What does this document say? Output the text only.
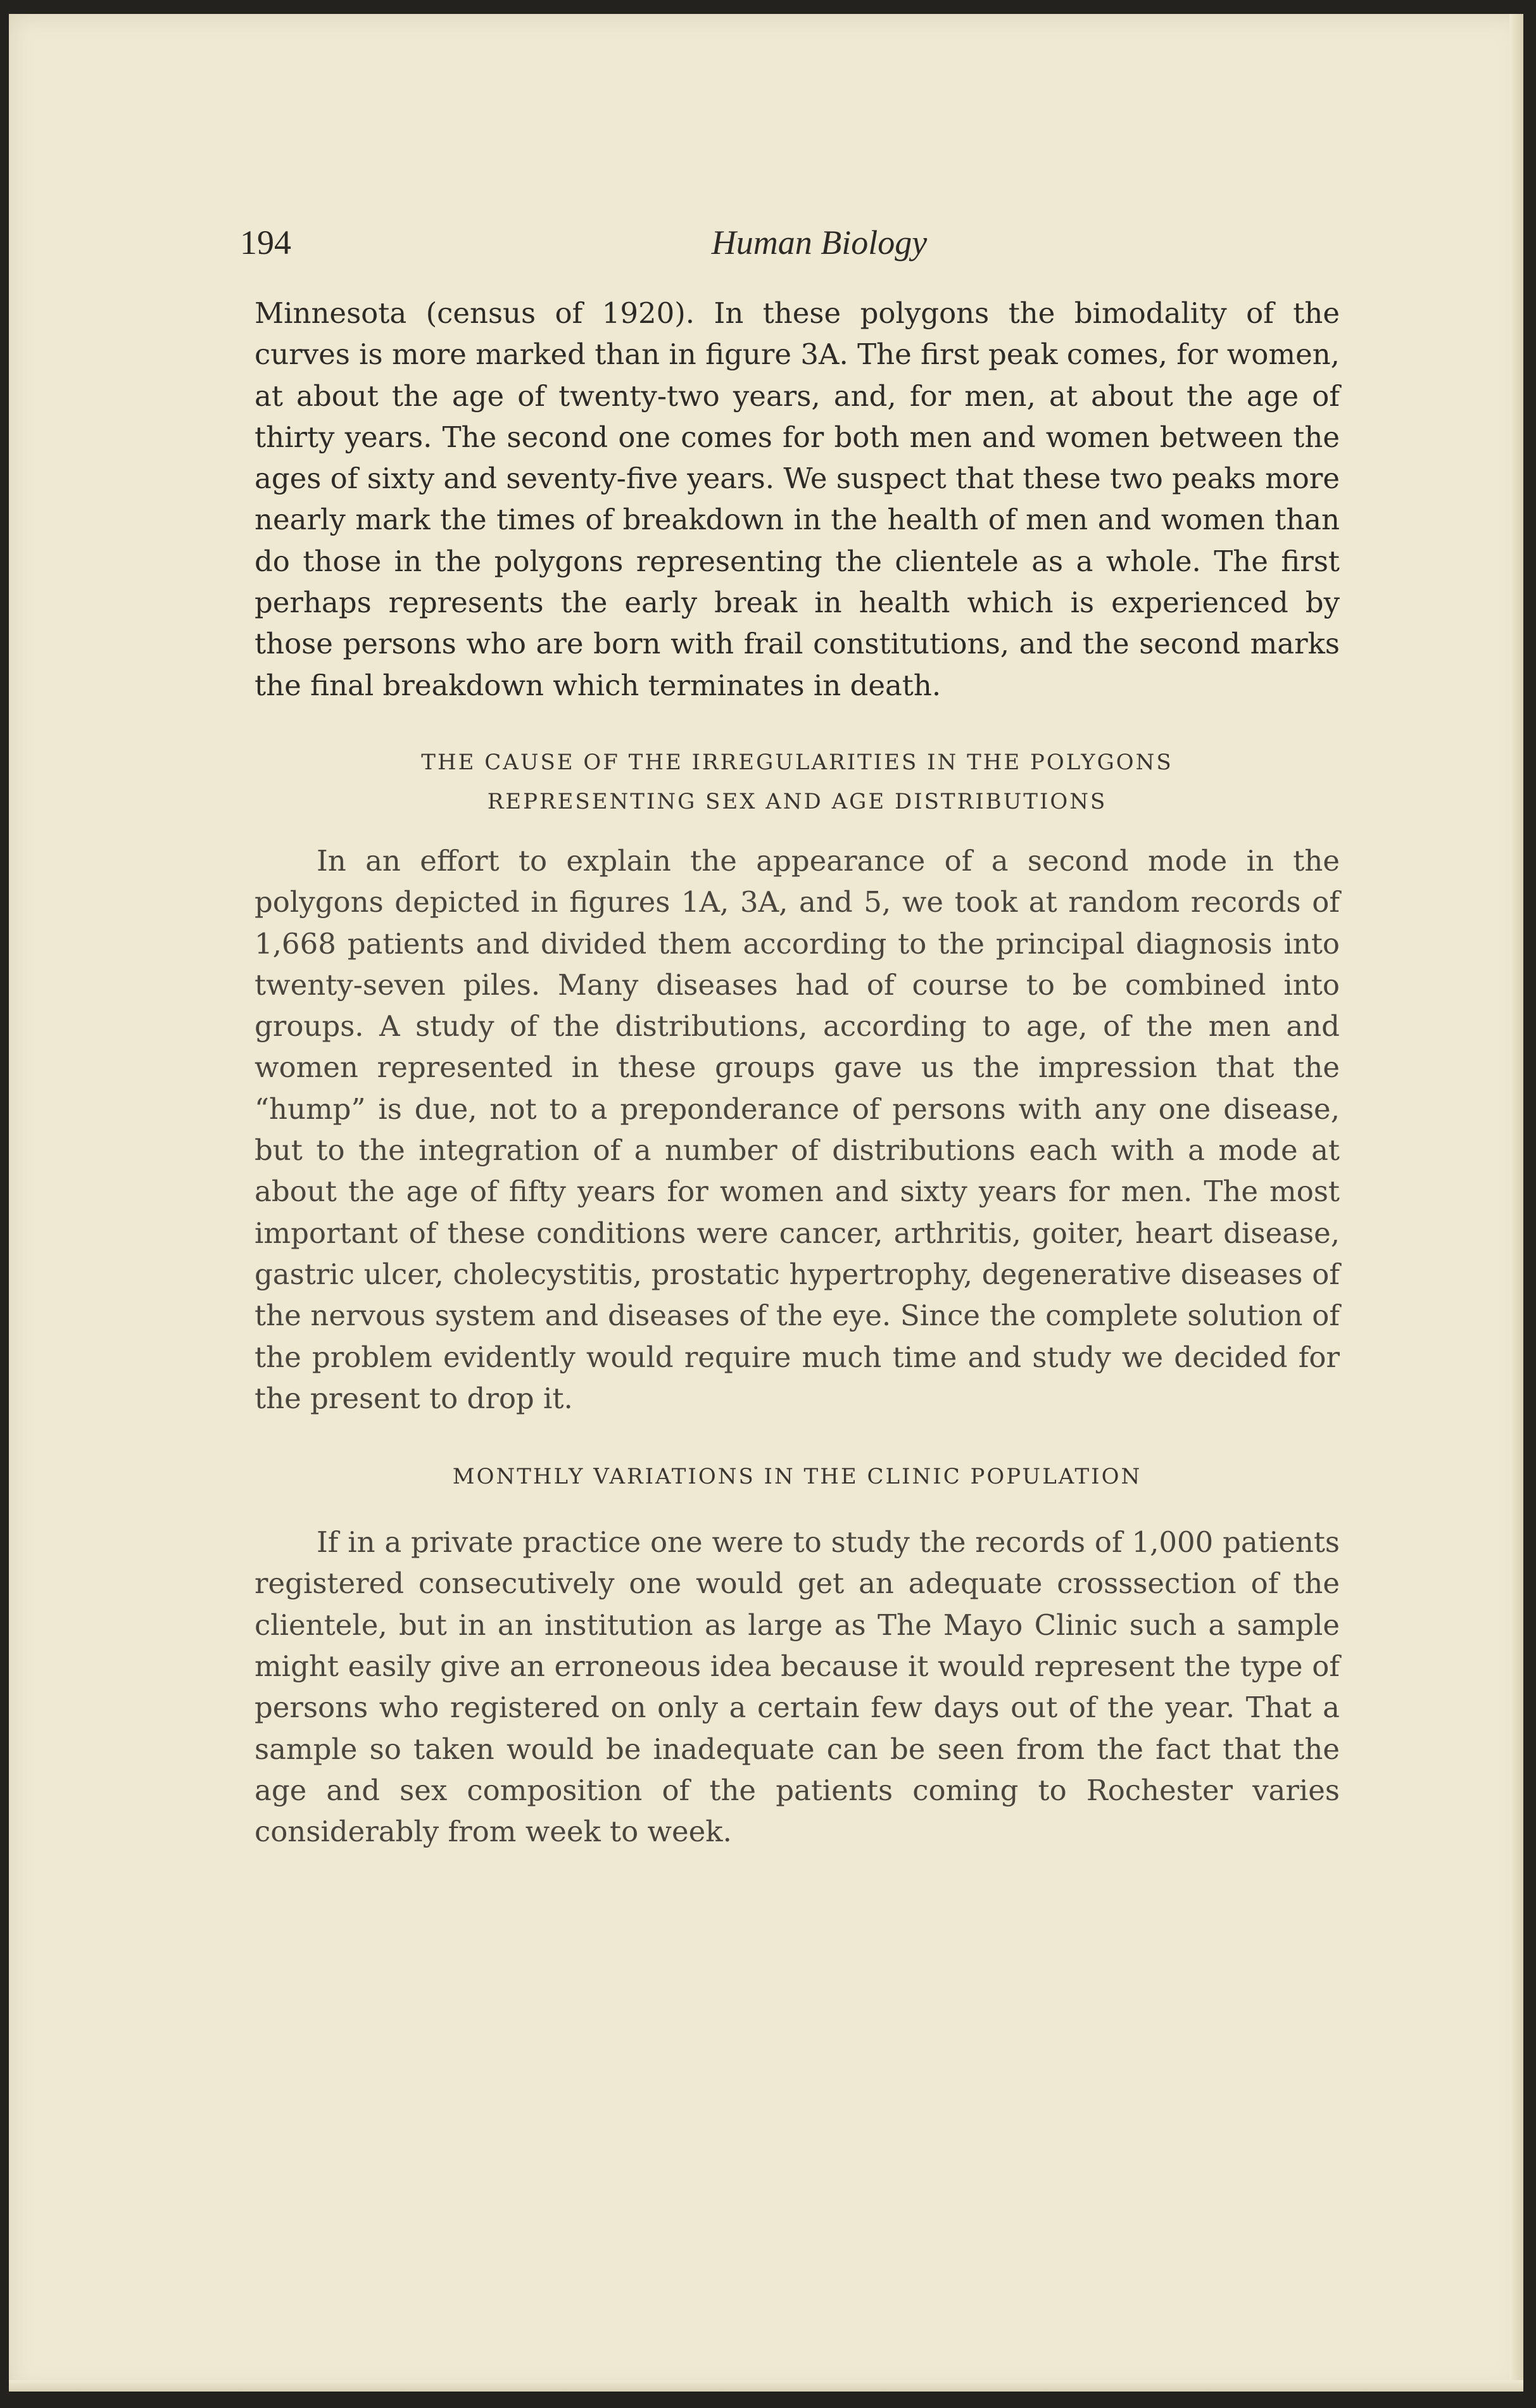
194	Human Biology

Minnesota (census of 1920). In these polygons the bimodality of the curves is more marked than in figure 3A. The first peak comes, for women, at about the age of twenty-two years, and, for men, at about the age of thirty years. The second one comes for both men and women between the ages of sixty and seventy-five years. We suspect that these two peaks more nearly mark the times of breakdown in the health of men and women than do those in the polygons representing the clientele as a whole. The first perhaps represents the early break in health which is experienced by those persons who are born with frail constitutions, and the second marks the final breakdown which terminates in death.

THE CAUSE OF THE IRREGULARITIES IN THE POLYGONS
REPRESENTING SEX AND AGE DISTRIBUTIONS

In an effort to explain the appearance of a second mode in the polygons depicted in figures 1A, 3A, and 5, we took at random records of 1,668 patients and divided them according to the principal diagnosis into twenty-seven piles. Many diseases had of course to be combined into groups. A study of the distributions, according to age, of the men and women represented in these groups gave us the impression that the “hump” is due, not to a preponderance of persons with any one disease, but to the integration of a number of distributions each with a mode at about the age of fifty years for women and sixty years for men. The most important of these conditions were cancer, arthritis, goiter, heart disease, gastric ulcer, cholecystitis, prostatic hypertrophy, degenerative diseases of the nervous system and diseases of the eye. Since the complete solution of the problem evidently would require much time and study we decided for the present to drop it.

MONTHLY VARIATIONS IN THE CLINIC POPULATION

If in a private practice one were to study the records of 1,000 patients registered consecutively one would get an adequate crosssection of the clientele, but in an institution as large as The Mayo Clinic such a sample might easily give an erroneous idea because it would represent the type of persons who registered on only a certain few days out of the year. That a sample so taken would be inadequate can be seen from the fact that the age and sex composition of the patients coming to Rochester varies considerably from week to week.
